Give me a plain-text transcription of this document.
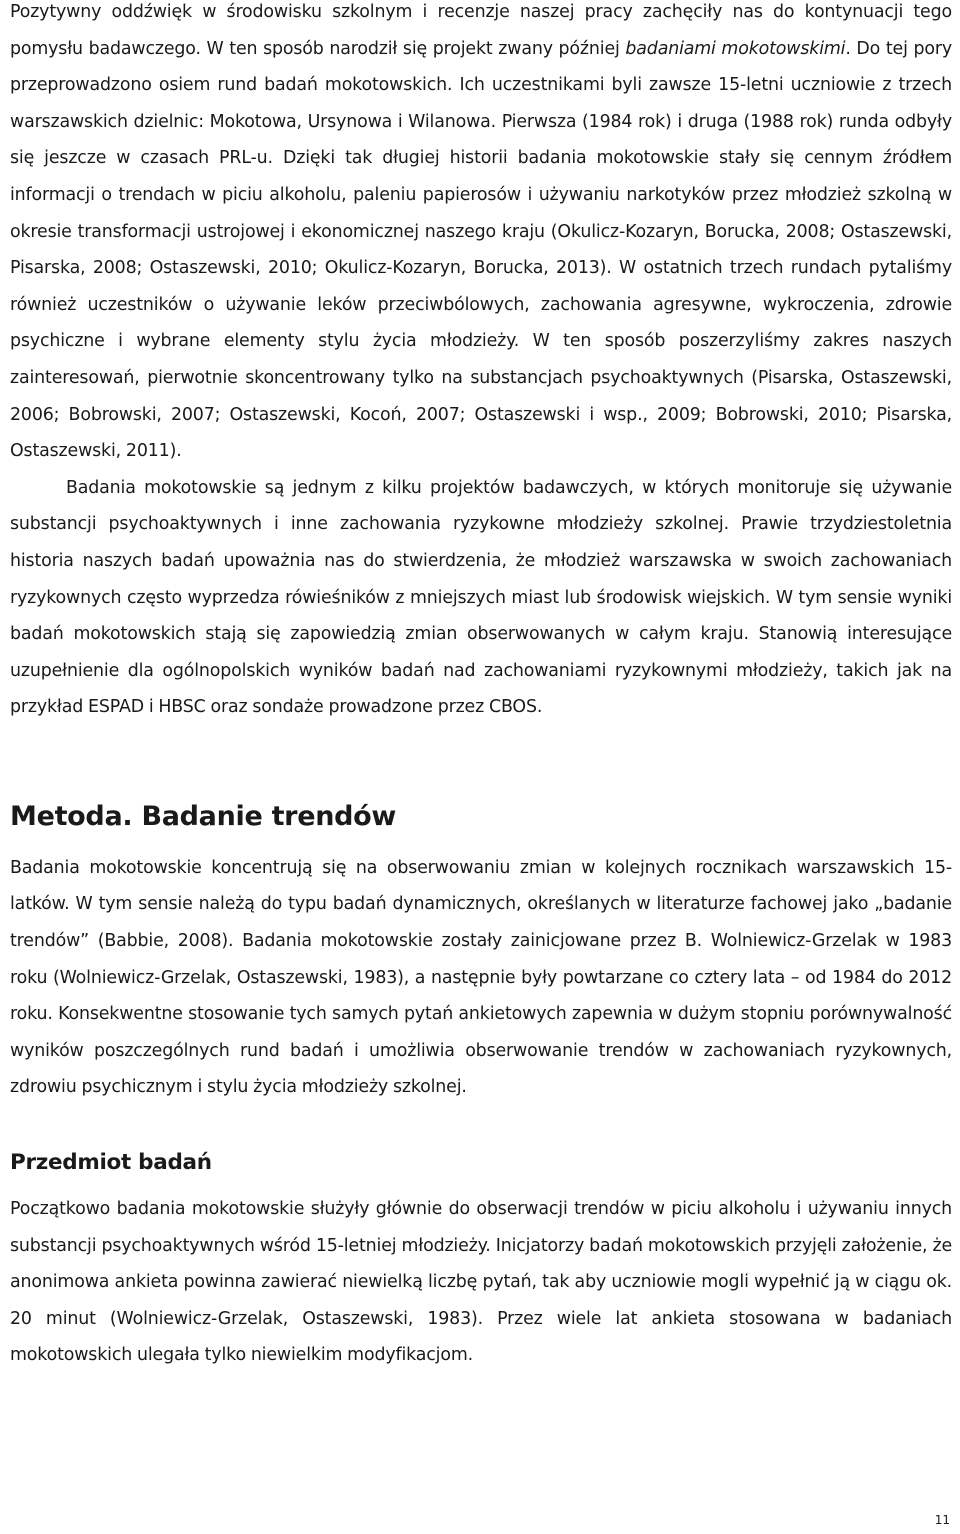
Pozytywny oddźwięk w środowisku szkolnym i recenzje naszej pracy zachęciły nas do kontynuacji tego pomysłu badawczego. W ten sposób narodził się projekt zwany później badaniami mokotowskimi. Do tej pory przeprowadzono osiem rund badań mokotowskich. Ich uczestnikami byli zawsze 15-letni uczniowie z trzech warszawskich dzielnic: Mokotowa, Ursynowa i Wilanowa. Pierwsza (1984 rok) i druga (1988 rok) runda odbyły się jeszcze w czasach PRL-u. Dzięki tak długiej historii badania mokotowskie stały się cennym źródłem informacji o trendach w piciu alkoholu, paleniu papierosów i używaniu narkotyków przez młodzież szkolną w okresie transformacji ustrojowej i ekonomicznej naszego kraju (Okulicz-Kozaryn, Borucka, 2008; Ostaszewski, Pisarska, 2008; Ostaszewski, 2010; Okulicz-Kozaryn, Borucka, 2013). W ostatnich trzech rundach pytaliśmy również uczestników o używanie leków przeciwbólowych, zachowania agresywne, wykroczenia, zdrowie psychiczne i wybrane elementy stylu życia młodzieży. W ten sposób poszerzyliśmy zakres naszych zainteresowań, pierwotnie skoncentrowany tylko na substancjach psychoaktywnych (Pisarska, Ostaszewski, 2006; Bobrowski, 2007; Ostaszewski, Kocoń, 2007; Ostaszewski i wsp., 2009; Bobrowski, 2010; Pisarska, Ostaszewski, 2011).

Badania mokotowskie są jednym z kilku projektów badawczych, w których monitoruje się używanie substancji psychoaktywnych i inne zachowania ryzykowne młodzieży szkolnej. Prawie trzydziestoletnia historia naszych badań upoważnia nas do stwierdzenia, że młodzież warszawska w swoich zachowaniach ryzykownych często wyprzedza rówieśników z mniejszych miast lub środowisk wiejskich. W tym sensie wyniki badań mokotowskich stają się zapowiedzią zmian obserwowanych w całym kraju. Stanowią interesujące uzupełnienie dla ogólnopolskich wyników badań nad zachowaniami ryzykownymi młodzieży, takich jak na przykład ESPAD i HBSC oraz sondaże prowadzone przez CBOS.

Metoda. Badanie trendów

Badania mokotowskie koncentrują się na obserwowaniu zmian w kolejnych rocznikach warszawskich 15-latków. W tym sensie należą do typu badań dynamicznych, określanych w literaturze fachowej jako „badanie trendów” (Babbie, 2008). Badania mokotowskie zostały zainicjowane przez B. Wolniewicz-Grzelak w 1983 roku (Wolniewicz-Grzelak, Ostaszewski, 1983), a następnie były powtarzane co cztery lata – od 1984 do 2012 roku. Konsekwentne stosowanie tych samych pytań ankietowych zapewnia w dużym stopniu porównywalność wyników poszczególnych rund badań i umożliwia obserwowanie trendów w zachowaniach ryzykownych, zdrowiu psychicznym i stylu życia młodzieży szkolnej.

Przedmiot badań

Początkowo badania mokotowskie służyły głównie do obserwacji trendów w piciu alkoholu i używaniu innych substancji psychoaktywnych wśród 15-letniej młodzieży. Inicjatorzy badań mokotowskich przyjęli założenie, że anonimowa ankieta powinna zawierać niewielką liczbę pytań, tak aby uczniowie mogli wypełnić ją w ciągu ok. 20 minut (Wolniewicz-Grzelak, Ostaszewski, 1983). Przez wiele lat ankieta stosowana w badaniach mokotowskich ulegała tylko niewielkim modyfikacjom.

11
